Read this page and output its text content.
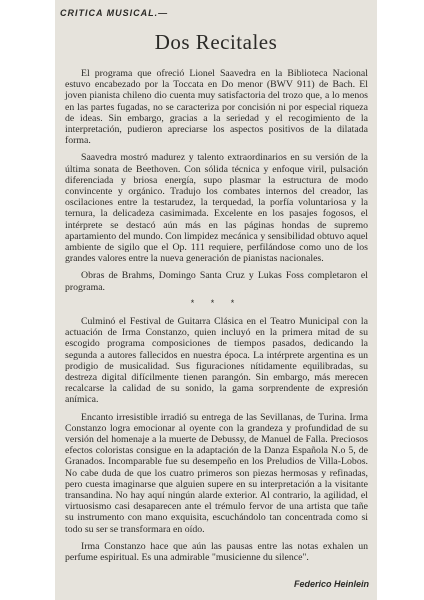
CRITICA MUSICAL.—
Dos Recitales

El programa que ofreció Lionel Saavedra en la Biblioteca Nacional estuvo encabezado por la Toccata en Do menor (BWV 911) de Bach. El joven pianista chileno dio cuenta muy satisfactoria del trozo que, a lo menos en las partes fugadas, no se caracteriza por concisión ni por especial riqueza de ideas. Sin embargo, gracias a la seriedad y el recogimiento de la interpretación, pudieron apreciarse los aspectos positivos de la dilatada forma.

Saavedra mostró madurez y talento extraordinarios en su versión de la última sonata de Beethoven. Con sólida técnica y enfoque viril, pulsación diferenciada y briosa energía, supo plasmar la estructura de modo convincente y orgánico. Tradujo los combates internos del creador, las oscilaciones entre la testarudez, la terquedad, la porfía voluntariosa y la ternura, la delicadeza casimimada. Excelente en los pasajes fogosos, el intérprete se destacó aún más en las páginas hondas de supremo apartamiento del mundo. Con limpidez mecánica y sensibilidad obtuvo aquel ambiente de sigilo que el Op. 111 requiere, perfilándose como uno de los grandes valores entre la nueva generación de pianistas nacionales.

Obras de Brahms, Domingo Santa Cruz y Lukas Foss completaron el programa.

* * *

Culminó el Festival de Guitarra Clásica en el Teatro Municipal con la actuación de Irma Constanzo, quien incluyó en la primera mitad de su escogido programa composiciones de tiempos pasados, dedicando la segunda a autores fallecidos en nuestra época. La intérprete argentina es un prodigio de musicalidad. Sus figuraciones nítidamente equilibradas, su destreza digital difícilmente tienen parangón. Sin embargo, más merecen recalcarse la calidad de su sonido, la gama sorprendente de expresión anímica.

Encanto irresistible irradió su entrega de las Sevillanas, de Turina. Irma Constanzo logra emocionar al oyente con la grandeza y profundidad de su versión del homenaje a la muerte de Debussy, de Manuel de Falla. Preciosos efectos coloristas consigue en la adaptación de la Danza Española N.o 5, de Granados. Incomparable fue su desempeño en los Preludios de Villa-Lobos. No cabe duda de que los cuatro primeros son piezas hermosas y refinadas, pero cuesta imaginarse que alguien supere en su interpretación a la visitante transandina. No hay aquí ningún alarde exterior. Al contrario, la agilidad, el virtuosismo casi desaparecen ante el trémulo fervor de una artista que tañe su instrumento con mano exquisita, escuchándolo tan concentrada como si todo su ser se transformara en oído.

Irma Constanzo hace que aún las pausas entre las notas exhalen un perfume espiritual. Es una admirable "musicienne du silence".

Federico Heinlein
